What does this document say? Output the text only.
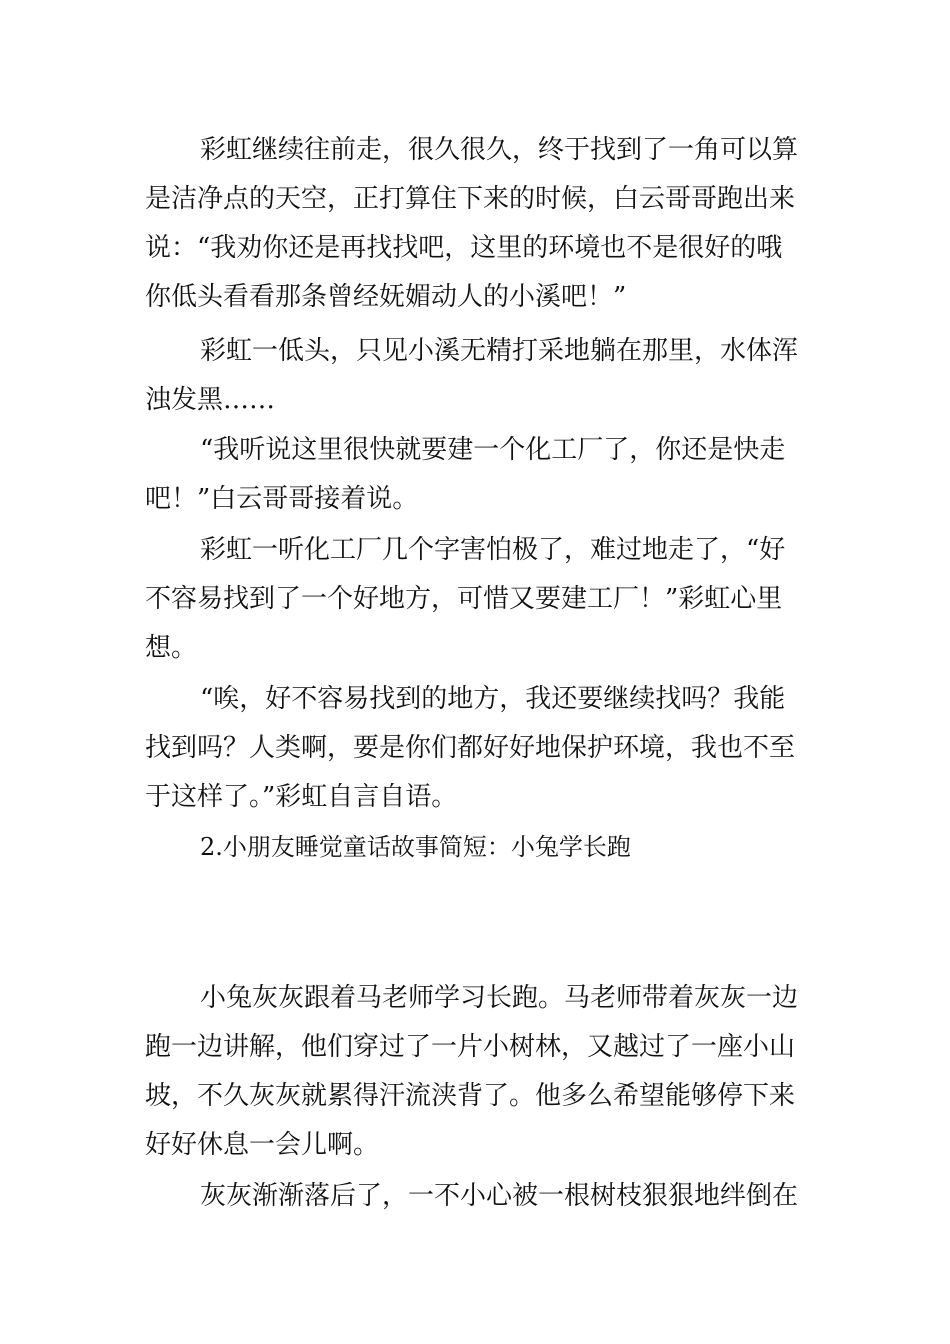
彩虹继续往前走，很久很久，终于找到了一角可以算

是洁净点的天空，正打算住下来的时候，白云哥哥跑出来

说：“我劝你还是再找找吧，这里的环境也不是很好的哦

你低头看看那条曾经妩媚动人的小溪吧！”

彩虹一低头，只见小溪无精打采地躺在那里，水体浑

浊发黑……

“我听说这里很快就要建一个化工厂了，你还是快走

吧！”白云哥哥接着说。

彩虹一听化工厂几个字害怕极了，难过地走了，“好

不容易找到了一个好地方，可惜又要建工厂！”彩虹心里

想。

“唉，好不容易找到的地方，我还要继续找吗？我能

找到吗？人类啊，要是你们都好好地保护环境，我也不至

于这样了。”彩虹自言自语。

2.小朋友睡觉童话故事简短：小兔学长跑

小兔灰灰跟着马老师学习长跑。马老师带着灰灰一边

跑一边讲解，他们穿过了一片小树林，又越过了一座小山

坡，不久灰灰就累得汗流浃背了。他多么希望能够停下来

好好休息一会儿啊。

灰灰渐渐落后了，一不小心被一根树枝狠狠地绊倒在
